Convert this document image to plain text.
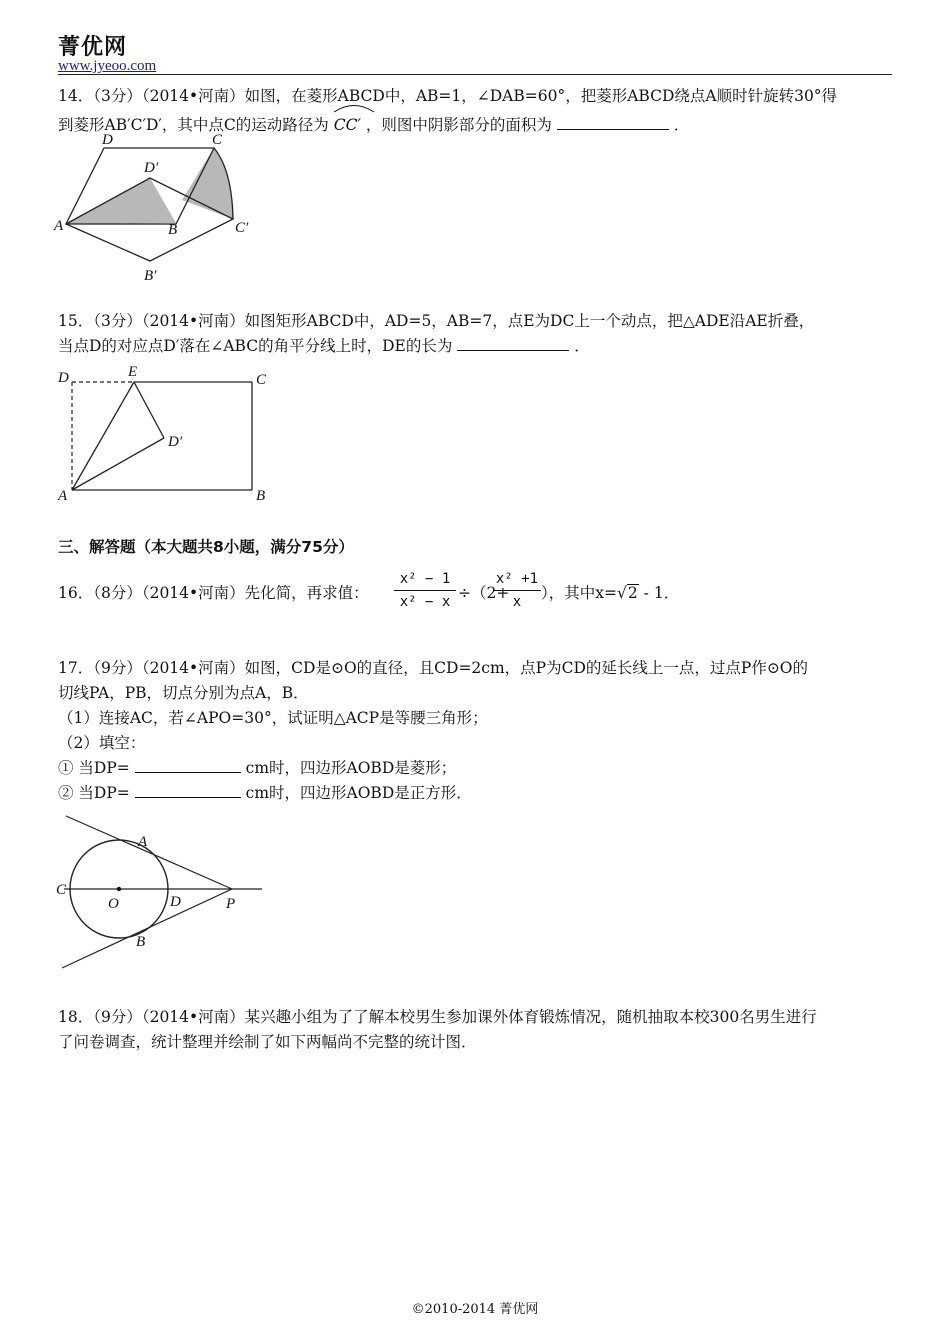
菁优网
www.jyeoo.com
14．（3分）（2014•河南）如图，在菱形ABCD中，AB=1，∠DAB=60°，把菱形ABCD绕点A顺时针旋转30°得
到菱形AB′C′D′，其中点C的运动路径为 CC′ ，则图中阴影部分的面积为	．
D	C
D′
A	B	C′
B′
15．（3分）（2014•河南）如图矩形ABCD中，AD=5，AB=7，点E为DC上一个动点，把△ADE沿AE折叠，
当点D的对应点D′落在∠ABC的角平分线上时，DE的长为	．
D	E	C
D′
A	B
三、解答题（本大题共8小题，满分75分）
16．（8分）（2014•河南）先化简，再求值：
x² − 1
x² − x ÷（2+
x² +1
x	），其中x=√2 - 1．
17．（9分）（2014•河南）如图，CD是⊙O的直径，且CD=2cm，点P为CD的延长线上一点，过点P作⊙O的
切线PA，PB，切点分别为点A，B．
（1）连接AC，若∠APO=30°，试证明△ACP是等腰三角形；
（2）填空：
① 当DP=	cm时，四边形AOBD是菱形；
② 当DP=	cm时，四边形AOBD是正方形．
A
C
O	D	P
B
18．（9分）（2014•河南）某兴趣小组为了了解本校男生参加课外体育锻炼情况，随机抽取本校300名男生进行
了问卷调查，统计整理并绘制了如下两幅尚不完整的统计图．
©2010-2014 菁优网
